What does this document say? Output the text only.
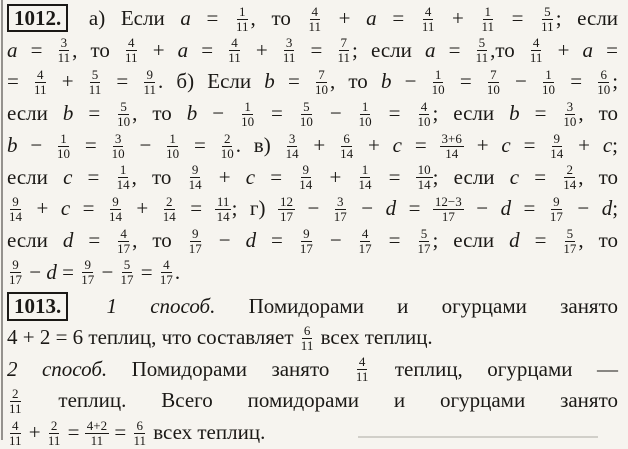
1012. а) Если $a = \frac{1}{11}$ , то $\frac{4}{11} + a = \frac{4}{11} + \frac{1}{11} = \frac{5}{11}$ ; если
$a = \frac{3}{11}$ , то $\frac{4}{11} + a = \frac{4}{11} + \frac{3}{11} = \frac{7}{11}$ ; если $a = \frac{5}{11} ,то \frac{4}{11} + a$ =
= $\frac{4}{11} + \frac{5}{11} = \frac{9}{11}$ . б) Если $b = \frac{7}{10}$ , то $b - \frac{1}{10} = \frac{7}{10} - \frac{1}{10} = \frac{6}{10}$ ;
если $b = \frac{5}{10}$ , то $b - \frac{1}{10} = \frac{5}{10} - \frac{1}{10} = \frac{4}{10}$ ; если $b = \frac{3}{10}$ , то
$b - \frac{1}{10} = \frac{3}{10} - \frac{1}{10} = \frac{2}{10}$ . $в) \frac{3}{14} + \frac{6}{14} + c = \frac{3+6}{14} + c = \frac{9}{14} + c$;
если $c = \frac{1}{14}$ , то $\frac{9}{14} + c = \frac{9}{14} + \frac{1}{14} = \frac{10}{14}$ ; если $c = \frac{2}{14}$ , то
$\frac{9}{14} + c = \frac{9}{14} + \frac{2}{14} = \frac{11}{14}$ ; $г) \frac{12}{17} - \frac{3}{17} - d = \frac{12-3}{17} - d = \frac{9}{17} - d$;
если $d = \frac{4}{17}$ , то $\frac{9}{17} - d = \frac{9}{17} - \frac{4}{17} = \frac{5}{17}$ ; если $d = \frac{5}{17}$ , то
$\frac{9}{17} - d = \frac{9}{17} - \frac{5}{17} = \frac{4}{17}$ .
1013. 1 способ. Помидорами и огурцами занято
4 + 2 = 6 теплиц, что составляет $\frac{6}{11}$ всех теплиц.
2 способ. Помидорами занято $\frac{4}{11}$ теплиц, огурцами —
$\frac{2}{11}$ теплиц. Всего помидорами и огурцами занято
$\frac{4}{11} + \frac{2}{11} = \frac{4+2}{11} = \frac{6}{11}$ всех теплиц.
